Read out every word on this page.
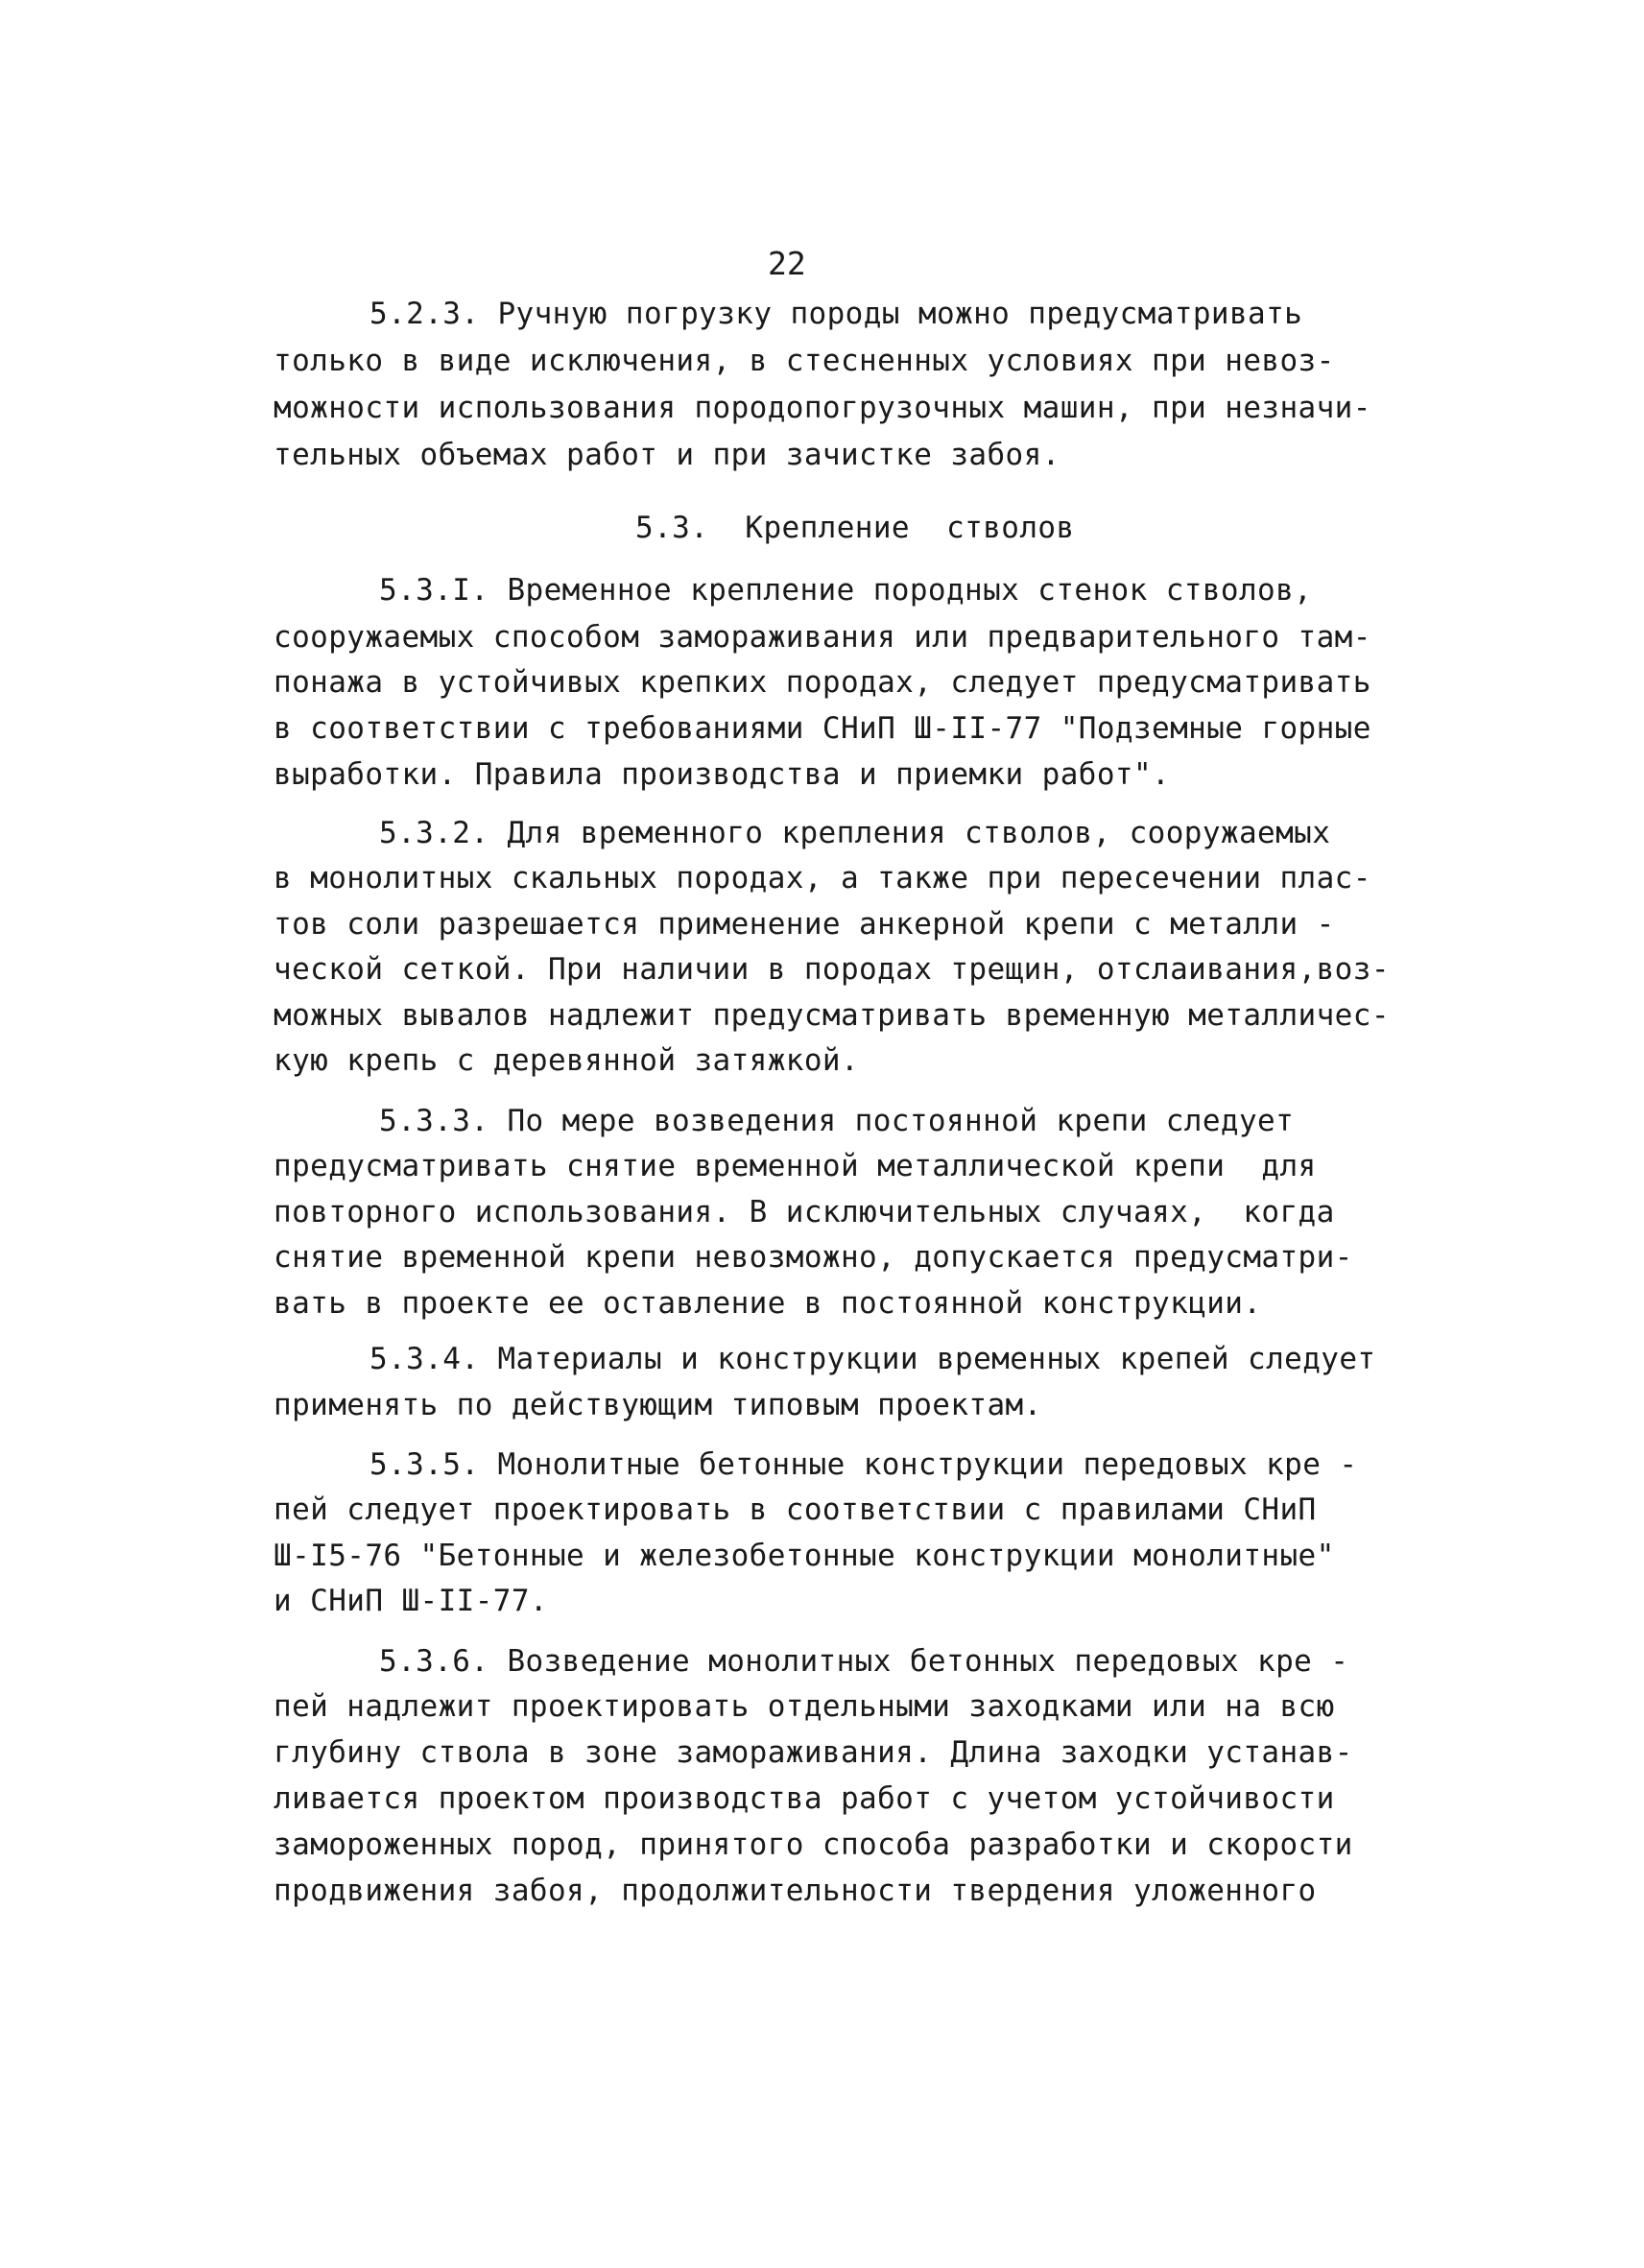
22
5.2.3. Ручную погрузку породы можно предусматривать
только в виде исключения, в стесненных условиях при невоз-
можности использования породопогрузочных машин, при незначи-
тельных объемах работ и при зачистке забоя.
5.3.  Крепление  стволов
5.3.I. Временное крепление породных стенок стволов,
сооружаемых способом замораживания или предварительного там-
понажа в устойчивых крепких породах, следует предусматривать
в соответствии с требованиями СНиП Ш-II-77 "Подземные горные
выработки. Правила производства и приемки работ".
5.3.2. Для временного крепления стволов, сооружаемых
в монолитных скальных породах, а также при пересечении плас-
тов соли разрешается применение анкерной крепи с металли -
ческой сеткой. При наличии в породах трещин, отслаивания,воз-
можных вывалов надлежит предусматривать временную металличес-
кую крепь с деревянной затяжкой.
5.3.3. По мере возведения постоянной крепи следует
предусматривать снятие временной металлической крепи  для
повторного использования. В исключительных случаях,  когда
снятие временной крепи невозможно, допускается предусматри-
вать в проекте ее оставление в постоянной конструкции.
5.3.4. Материалы и конструкции временных крепей следует
применять по действующим типовым проектам.
5.3.5. Монолитные бетонные конструкции передовых кре -
пей следует проектировать в соответствии с правилами СНиП
Ш-I5-76 "Бетонные и железобетонные конструкции монолитные"
и СНиП Ш-II-77.
5.3.6. Возведение монолитных бетонных передовых кре -
пей надлежит проектировать отдельными заходками или на всю
глубину ствола в зоне замораживания. Длина заходки устанав-
ливается проектом производства работ с учетом устойчивости
замороженных пород, принятого способа разработки и скорости
продвижения забоя, продолжительности твердения уложенного
